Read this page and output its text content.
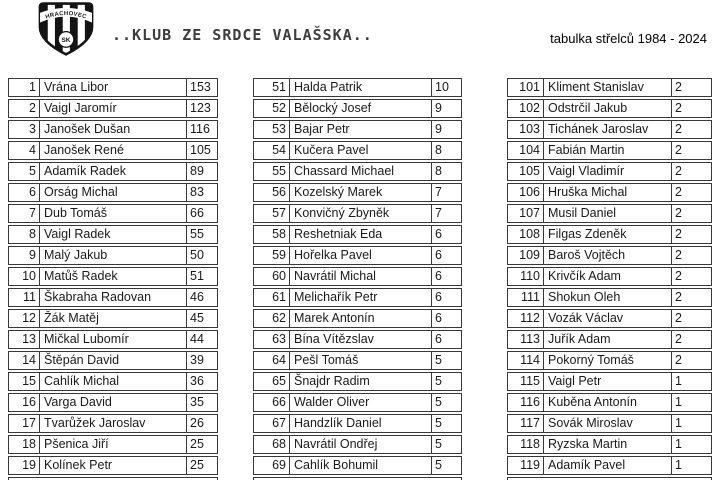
HRACHOVEC
SK	..KLUB ZE SRDCE VALAŠSKA..	tabulka střelců 1984 - 2024
1 Vrána Libor	153
2 Vaigl Jaromír	123
3 Janošek Dušan	116
4 Janošek René	105
5 Adamík Radek	89
6 Orság Michal	83
7 Dub Tomáš	66
8 Vaigl Radek	55
9 Malý Jakub	50
10 Matůš Radek	51
11 Škabraha Radovan	46
12 Žák Matěj	45
13 Mičkal Lubomír	44
14 Štěpán David	39
15 Cahlík Michal	36
16 Varga David	35
17 Tvarůžek Jaroslav	26
18 Pšenica Jiří	25
19 Kolínek Petr	25
51 Halda Patrik	10
52 Bělocký Josef	9
53 Bajar Petr	9
54 Kučera Pavel	8
55 Chassard Michael	8
56 Kozelský Marek	7
57 Konvičný Zbyněk	7
58 Reshetniak Eda	6
59 Hořelka Pavel	6
60 Navrátil Michal	6
61 Melichařík Petr	6
62 Marek Antonín	6
63 Bína Vítězslav	6
64 Pešl Tomáš	5
65 Šnajdr Radim	5
66 Walder Oliver	5
67 Handzlík Daniel	5
68 Navrátil Ondřej	5
69 Cahlík Bohumil	5
101 Kliment Stanislav	2
102 Odstrčil Jakub	2
103 Tichánek Jaroslav	2
104 Fabián Martin	2
105 Vaigl Vladimír	2
106 Hruška Michal	2
107 Musil Daniel	2
108 Filgas Zdeněk	2
109 Baroš Vojtěch	2
110 Krivčík Adam	2
111 Shokun Oleh	2
112 Vozák Václav	2
113 Juřík Adam	2
114 Pokorný Tomáš	2
115 Vaigl Petr	1
116 Kuběna Antonín	1
117 Sovák Miroslav	1
118 Ryzska Martin	1
119 Adamík Pavel	1
